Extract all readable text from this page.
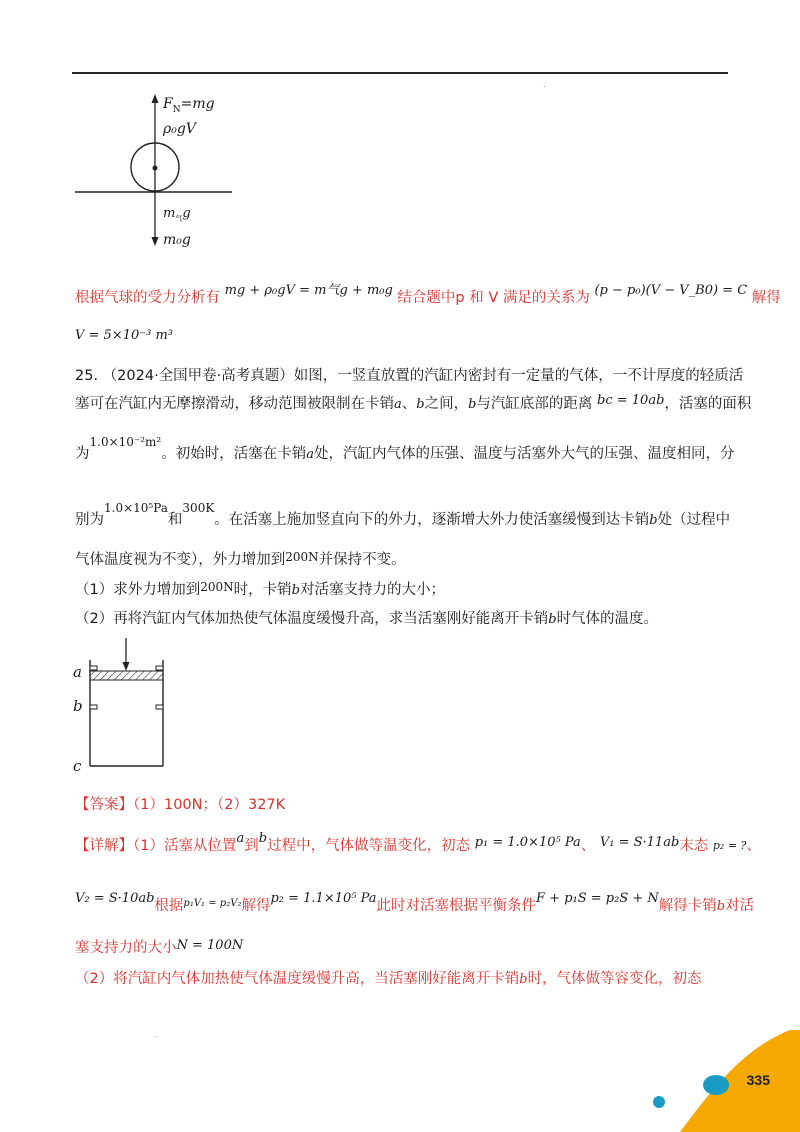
.
$F_N=mg$
ρ₀gV
$m_气g$
m₀g
根据气球的受力分析有 mg + ρ₀gV = m气g + m₀g 结合题中p 和 V 满足的关系为 (p − p₀)(V − V_B0) = C 解得
V = 5×10⁻³ m³
25. （2024·全国甲卷·高考真题）如图，一竖直放置的汽缸内密封有一定量的气体，一不计厚度的轻质活
塞可在汽缸内无摩擦滑动，移动范围被限制在卡销a、b之间，b与汽缸底部的距离 bc = 10ab，活塞的面积
为$^{1.0\times 10^{-2}m^2}$。初始时，活塞在卡销a处，汽缸内气体的压强、温度与活塞外大气的压强、温度相同，分
别为$^{1.0\times 10^5Pa}$和$^{300K}$。在活塞上施加竖直向下的外力，逐渐增大外力使活塞缓慢到达卡销b处（过程中
气体温度视为不变），外力增加到$^{200N}$并保持不变。
（1）求外力增加到$^{200N}$时，卡销b对活塞支持力的大小；
（2）再将汽缸内气体加热使气体温度缓慢升高，求当活塞刚好能离开卡销b时气体的温度。
a
b
c
【答案】（1）100N；（2）327K
【详解】（1）活塞从位置a到b过程中，气体做等温变化，初态 p₁ = 1.0×10⁵ Pa、 V₁ = S·11ab末态 p₂ = ?、
V₂ = S·10ab根据$^{p_1V_1 = p_2V_2}$解得p₂ = 1.1×10⁵ Pa此时对活塞根据平衡条件F + p₁S = p₂S + N解得卡销b对活
塞支持力的大小N = 100N
（2）将汽缸内气体加热使气体温度缓慢升高，当活塞刚好能离开卡销b时，气体做等容变化，初态
.
335
